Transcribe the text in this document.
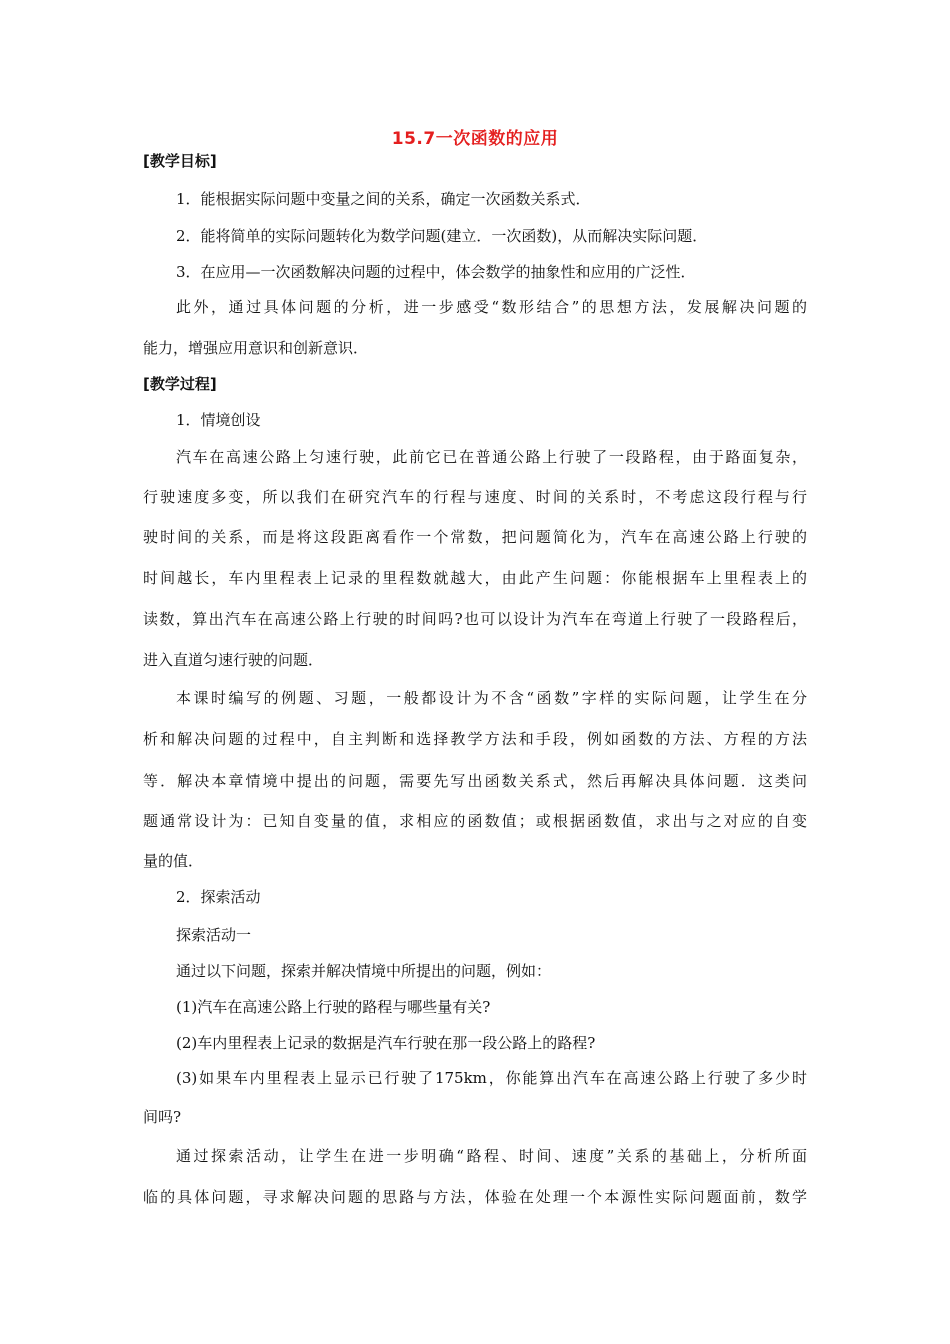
15.7一次函数的应用
[教学目标]
1．能根据实际问题中变量之间的关系，确定一次函数关系式．
2．能将简单的实际问题转化为数学问题(建立．一次函数)，从而解决实际问题．
3．在应用—一次函数解决问题的过程中，体会数学的抽象性和应用的广泛性．
此外，通过具体问题的分析，进一步感受“数形结合”的思想方法，发展解决问题的
能力，增强应用意识和创新意识．
[教学过程]
1．情境创设
汽车在高速公路上匀速行驶，此前它已在普通公路上行驶了一段路程，由于路面复杂，
行驶速度多变，所以我们在研究汽车的行程与速度、时间的关系时，不考虑这段行程与行
驶时间的关系，而是将这段距离看作一个常数，把问题简化为，汽车在高速公路上行驶的
时间越长，车内里程表上记录的里程数就越大，由此产生问题：你能根据车上里程表上的
读数，算出汽车在高速公路上行驶的时间吗?也可以设计为汽车在弯道上行驶了一段路程后，
进入直道匀速行驶的问题．
本课时编写的例题、习题，一般都设计为不含“函数”字样的实际问题，让学生在分
析和解决问题的过程中，自主判断和选择教学方法和手段，例如函数的方法、方程的方法
等．解决本章情境中提出的问题，需要先写出函数关系式，然后再解决具体问题．这类问
题通常设计为：已知自变量的值，求相应的函数值；或根据函数值，求出与之对应的自变
量的值．
2．探索活动
探索活动一
通过以下问题，探索并解决情境中所提出的问题，例如：
(1)汽车在高速公路上行驶的路程与哪些量有关?
(2)车内里程表上记录的数据是汽车行驶在那一段公路上的路程?
(3)如果车内里程表上显示已行驶了175km，你能算出汽车在高速公路上行驶了多少时
间吗?
通过探索活动，让学生在进一步明确“路程、时间、速度”关系的基础上，分析所面
临的具体问题，寻求解决问题的思路与方法，体验在处理一个本源性实际问题面前，数学
